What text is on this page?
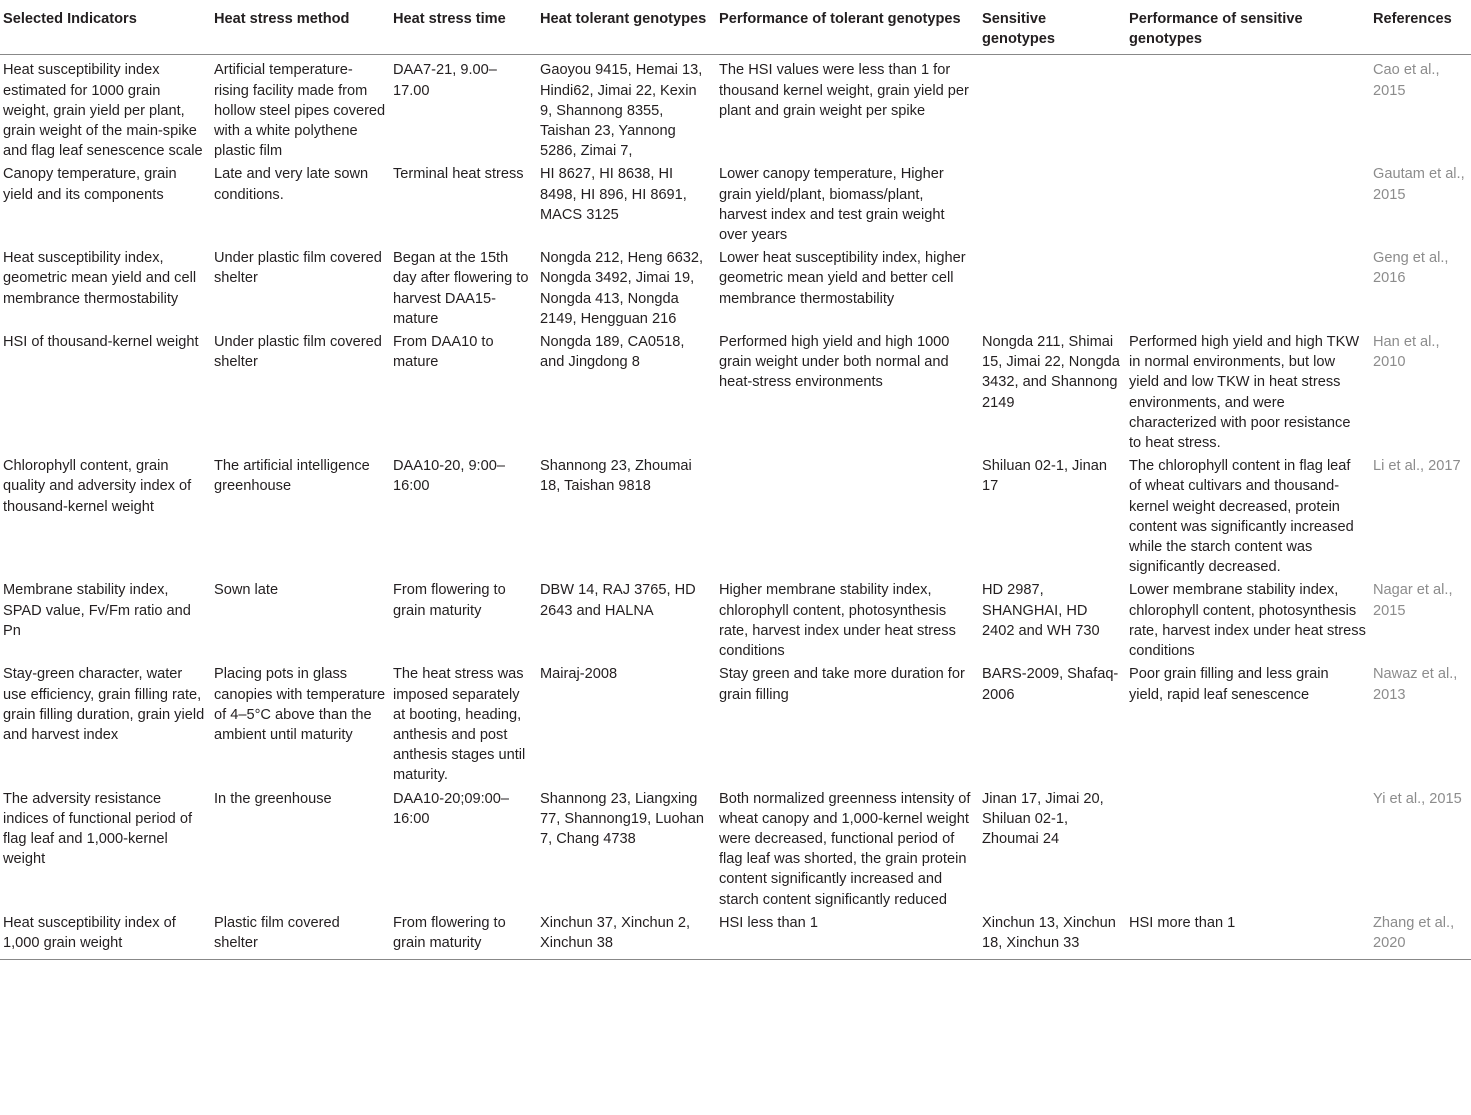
Selected Indicators	Heat stress method	Heat stress time	Heat tolerant genotypes	Performance of tolerant genotypes	Sensitive genotypes	Performance of sensitive genotypes	References
Heat susceptibility index estimated for 1000 grain weight, grain yield per plant, grain weight of the main-spike and flag leaf senescence scale	Artificial temperature-rising facility made from hollow steel pipes covered with a white polythene plastic film	DAA7-21, 9.00–17.00	Gaoyou 9415, Hemai 13, Hindi62, Jimai 22, Kexin 9, Shannong 8355, Taishan 23, Yannong 5286, Zimai 7,	The HSI values were less than 1 for thousand kernel weight, grain yield per plant and grain weight per spike			Cao et al., 2015
Canopy temperature, grain yield and its components	Late and very late sown conditions.	Terminal heat stress	HI 8627, HI 8638, HI 8498, HI 896, HI 8691, MACS 3125	Lower canopy temperature, Higher grain yield/plant, biomass/plant, harvest index and test grain weight over years			Gautam et al., 2015
Heat susceptibility index, geometric mean yield and cell membrance thermostability	Under plastic film covered shelter	Began at the 15th day after flowering to harvest DAA15-mature	Nongda 212, Heng 6632, Nongda 3492, Jimai 19, Nongda 413, Nongda 2149, Hengguan 216	Lower heat susceptibility index, higher geometric mean yield and better cell membrance thermostability			Geng et al., 2016
HSI of thousand-kernel weight	Under plastic film covered shelter	From DAA10 to mature	Nongda 189, CA0518, and Jingdong 8	Performed high yield and high 1000 grain weight under both normal and heat-stress environments	Nongda 211, Shimai 15, Jimai 22, Nongda 3432, and Shannong 2149	Performed high yield and high TKW in normal environments, but low yield and low TKW in heat stress environments, and were characterized with poor resistance to heat stress.	Han et al., 2010
Chlorophyll content, grain quality and adversity index of thousand-kernel weight	The artificial intelligence greenhouse	DAA10-20, 9:00–16:00	Shannong 23, Zhoumai 18, Taishan 9818		Shiluan 02-1, Jinan 17	The chlorophyll content in flag leaf of wheat cultivars and thousand-kernel weight decreased, protein content was significantly increased while the starch content was significantly decreased.	Li et al., 2017
Membrane stability index, SPAD value, Fv/Fm ratio and Pn	Sown late	From flowering to grain maturity	DBW 14, RAJ 3765, HD 2643 and HALNA	Higher membrane stability index, chlorophyll content, photosynthesis rate, harvest index under heat stress conditions	HD 2987, SHANGHAI, HD 2402 and WH 730	Lower membrane stability index, chlorophyll content, photosynthesis rate, harvest index under heat stress conditions	Nagar et al., 2015
Stay-green character, water use efficiency, grain filling rate, grain filling duration, grain yield and harvest index	Placing pots in glass canopies with temperature of 4–5°C above than the ambient until maturity	The heat stress was imposed separately at booting, heading, anthesis and post anthesis stages until maturity.	Mairaj-2008	Stay green and take more duration for grain filling	BARS-2009, Shafaq-2006	Poor grain filling and less grain yield, rapid leaf senescence	Nawaz et al., 2013
The adversity resistance indices of functional period of flag leaf and 1,000-kernel weight	In the greenhouse	DAA10-20;09:00–16:00	Shannong 23, Liangxing 77, Shannong19, Luohan 7, Chang 4738	Both normalized greenness intensity of wheat canopy and 1,000-kernel weight were decreased, functional period of flag leaf was shorted, the grain protein content significantly increased and starch content significantly reduced	Jinan 17, Jimai 20, Shiluan 02-1, Zhoumai 24		Yi et al., 2015
Heat susceptibility index of 1,000 grain weight	Plastic film covered shelter	From flowering to grain maturity	Xinchun 37, Xinchun 2, Xinchun 38	HSI less than 1	Xinchun 13, Xinchun 18, Xinchun 33	HSI more than 1	Zhang et al., 2020
